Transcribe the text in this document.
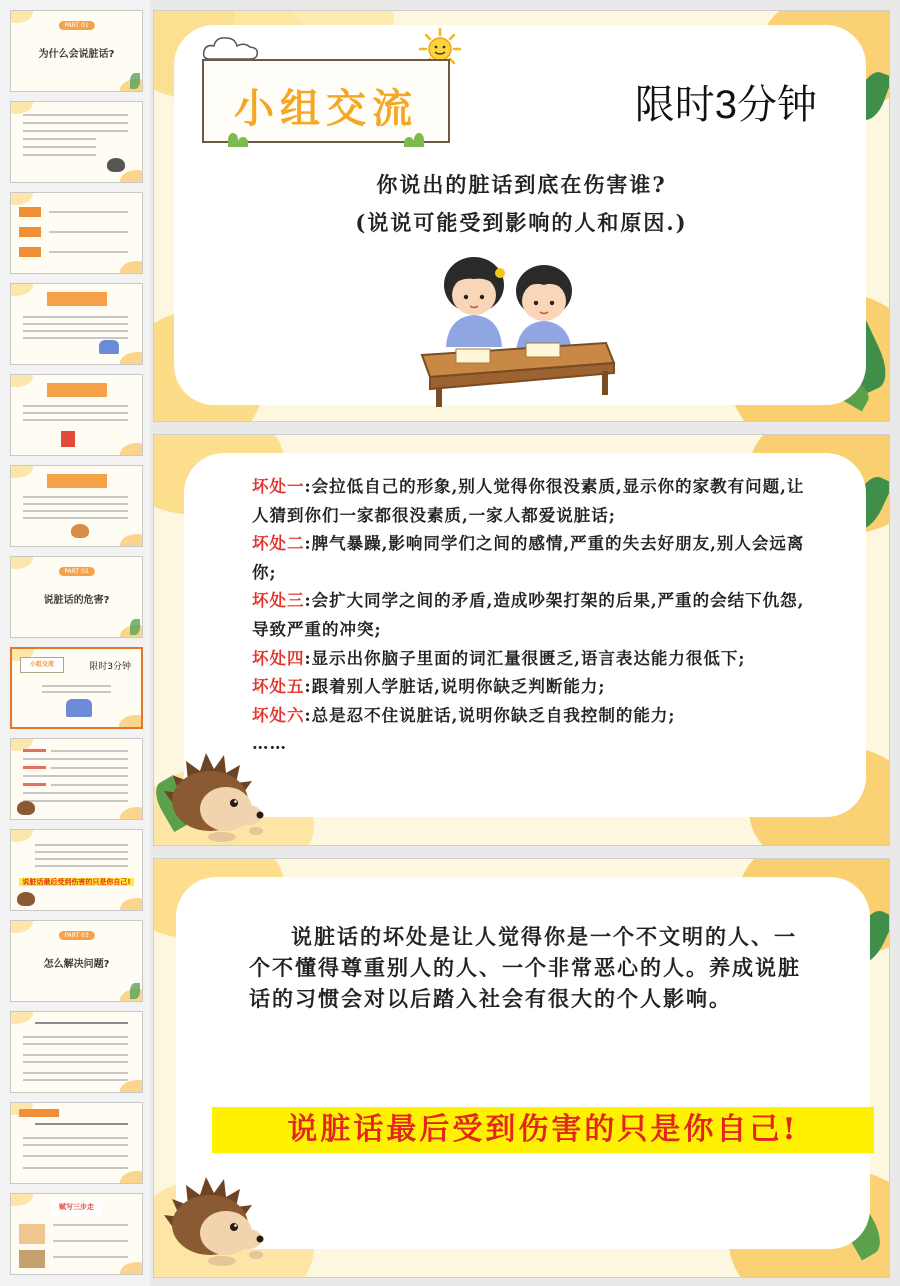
PART 01
为什么会说脏话?
PART 02
说脏话的危害?
小组交流	限时3分钟
说脏话最后受到伤害的只是你自己!
PART 03
怎么解决问题?
赋写三步走
小组交流	限时3分钟
你说出的脏话到底在伤害谁?
(说说可能受到影响的人和原因.)
坏处一:会拉低自己的形象,别人觉得你很没素质,显示你的家教有问题,让人猜到你们一家都很没素质,一家人都爱说脏话;
坏处二:脾气暴躁,影响同学们之间的感情,严重的失去好朋友,别人会远离你;
坏处三:会扩大同学之间的矛盾,造成吵架打架的后果,严重的会结下仇怨,导致严重的冲突;
坏处四:显示出你脑子里面的词汇量很匮乏,语言表达能力很低下;
坏处五:跟着别人学脏话,说明你缺乏判断能力;
坏处六:总是忍不住说脏话,说明你缺乏自我控制的能力;
……
说脏话的坏处是让人觉得你是一个不文明的人、一个不懂得尊重别人的人、一个非常恶心的人。养成说脏话的习惯会对以后踏入社会有很大的个人影响。
说脏话最后受到伤害的只是你自己!
